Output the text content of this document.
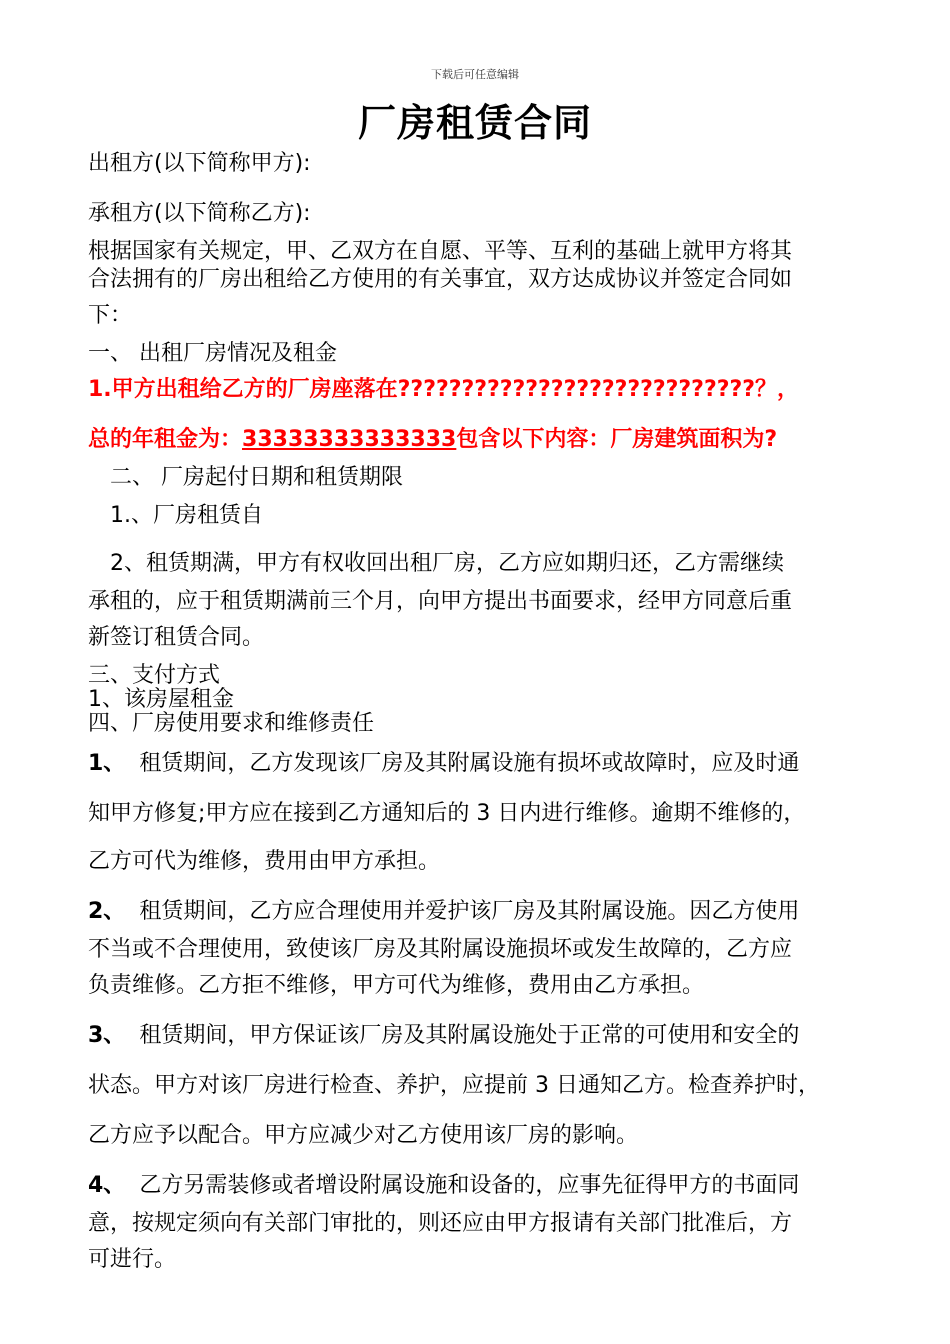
下载后可任意编辑
厂房租赁合同
出租方(以下简称甲方):
承租方(以下简称乙方):
根据国家有关规定，甲、乙双方在自愿、平等、互利的基础上就甲方将其
合法拥有的厂房出租给乙方使用的有关事宜，双方达成协议并签定合同如
下：
一、 出租厂房情况及租金
1.甲方出租给乙方的厂房座落在????????????????????????????？，
总的年租金为：33333333333333包含以下内容：厂房建筑面积为?
二、 厂房起付日期和租赁期限
1.、厂房租赁自
2、租赁期满，甲方有权收回出租厂房，乙方应如期归还，乙方需继续
承租的，应于租赁期满前三个月，向甲方提出书面要求，经甲方同意后重
新签订租赁合同。
三、支付方式
1、该房屋租金
四、厂房使用要求和维修责任
1、 租赁期间，乙方发现该厂房及其附属设施有损坏或故障时，应及时通
知甲方修复;甲方应在接到乙方通知后的 3 日内进行维修。逾期不维修的，
乙方可代为维修，费用由甲方承担。
2、 租赁期间，乙方应合理使用并爱护该厂房及其附属设施。因乙方使用
不当或不合理使用，致使该厂房及其附属设施损坏或发生故障的，乙方应
负责维修。乙方拒不维修，甲方可代为维修，费用由乙方承担。
3、 租赁期间，甲方保证该厂房及其附属设施处于正常的可使用和安全的
状态。甲方对该厂房进行检查、养护，应提前 3 日通知乙方。检查养护时，
乙方应予以配合。甲方应减少对乙方使用该厂房的影响。
4、 乙方另需装修或者增设附属设施和设备的，应事先征得甲方的书面同
意，按规定须向有关部门审批的，则还应由甲方报请有关部门批准后，方
可进行。
